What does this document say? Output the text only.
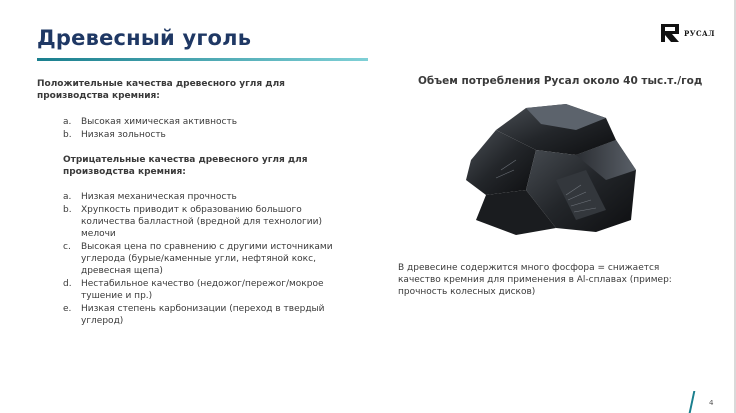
Древесный уголь	РУСАЛ

Положительные качества древесного угля для производства кремния:

a. Высокая химическая активность
b. Низкая зольность

Отрицательные качества древесного угля для производства кремния:

a. Низкая механическая прочность
b. Хрупкость приводит к образованию большого количества балластной (вредной для технологии) мелочи
c. Высокая цена по сравнению с другими источниками углерода (бурые/каменные угли, нефтяной кокс, древесная щепа)
d. Нестабильное качество (недожог/пережог/мокрое тушение и пр.)
e. Низкая степень карбонизации (переход в твердый углерод)
Объем потребления Русал около 40 тыс.т./год
В древесине содержится много фосфора = снижается качество кремния для применения в Al-сплавах (пример: прочность колесных дисков)
4
